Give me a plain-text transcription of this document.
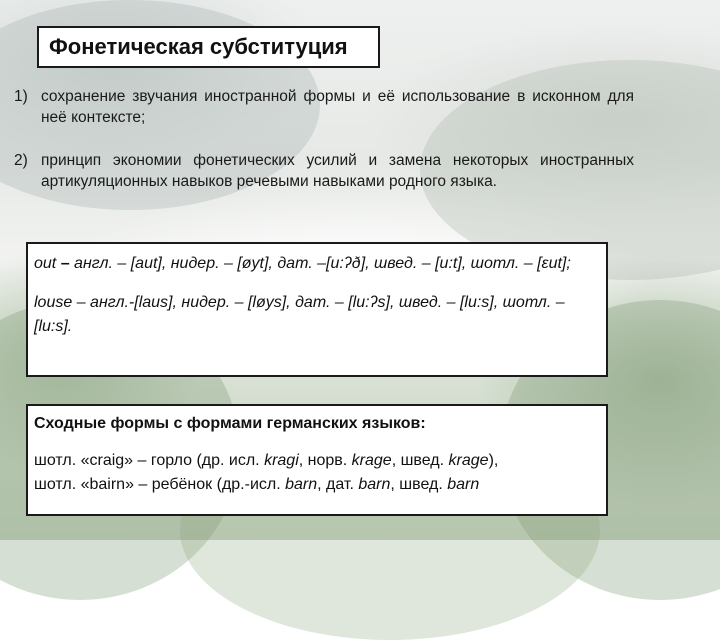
Фонетическая субституция
1) сохранение звучания иностранной формы и её использование в исконном для неё контексте;
2) принцип экономии фонетических усилий и замена некоторых иностранных артикуляционных навыков речевыми навыками родного языка.
out – англ. – [aut], нидер. – [øyt], дат. –[u:ʔð], швед. – [u:t], шотл. – [ɛut];
louse – англ.-[laus], нидер. – [løys], дат. – [lu:ʔs], швед. – [lu:s], шотл. – [lu:s].
Сходные формы с формами германских языков:
шотл. «craig» – горло (др. исл. kragi, норв. krage, швед. krage),
шотл. «bairn» – ребёнок (др.-исл. barn, дат. barn, швед. barn
